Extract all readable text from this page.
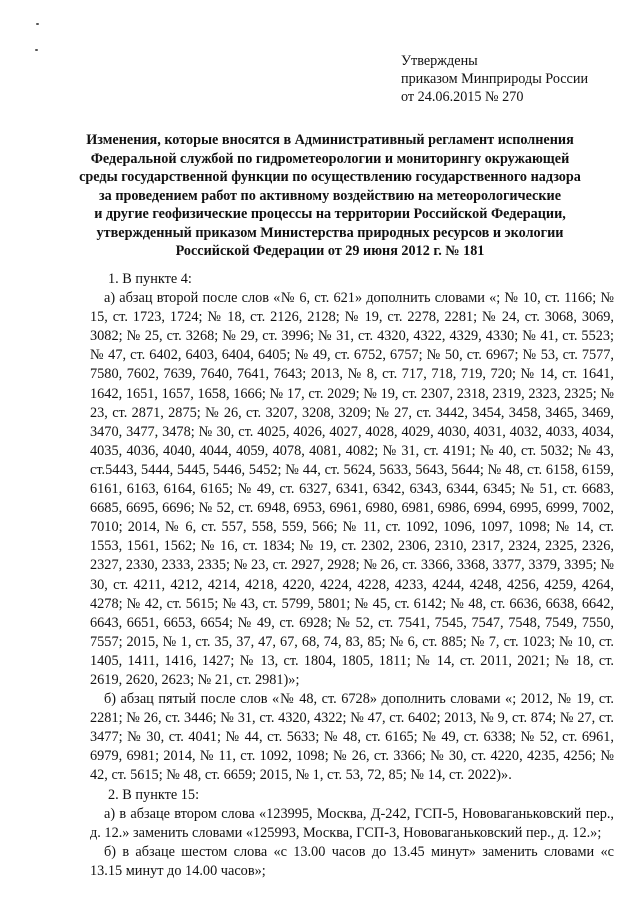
Утверждены
приказом Минприроды России
от 24.06.2015 № 270
Изменения, которые вносятся в Административный регламент исполнения
Федеральной службой по гидрометеорологии и мониторингу окружающей
среды государственной функции по осуществлению государственного надзора
за проведением работ по активному воздействию на метеорологические
и другие геофизические процессы на территории Российской Федерации,
утвержденный приказом Министерства природных ресурсов и экологии
Российской Федерации от 29 июня 2012 г. № 181

1. В пункте 4:

а) абзац второй после слов «№ 6, ст. 621» дополнить словами «; № 10, ст. 1166; № 15, ст. 1723, 1724; № 18, ст. 2126, 2128; № 19, ст. 2278, 2281; № 24, ст. 3068, 3069, 3082; № 25, ст. 3268; № 29, ст. 3996; № 31, ст. 4320, 4322, 4329, 4330; № 41, ст. 5523; № 47, ст. 6402, 6403, 6404, 6405; № 49, ст. 6752, 6757; № 50, ст. 6967; № 53, ст. 7577, 7580, 7602, 7639, 7640, 7641, 7643; 2013, № 8, ст. 717, 718, 719, 720; № 14, ст. 1641, 1642, 1651, 1657, 1658, 1666; № 17, ст. 2029; № 19, ст. 2307, 2318, 2319, 2323, 2325; № 23, ст. 2871, 2875; № 26, ст. 3207, 3208, 3209; № 27, ст. 3442, 3454, 3458, 3465, 3469, 3470, 3477, 3478; № 30, ст. 4025, 4026, 4027, 4028, 4029, 4030, 4031, 4032, 4033, 4034, 4035, 4036, 4040, 4044, 4059, 4078, 4081, 4082; № 31, ст. 4191; № 40, ст. 5032; № 43, ст.5443, 5444, 5445, 5446, 5452; № 44, ст. 5624, 5633, 5643, 5644; № 48, ст. 6158, 6159, 6161, 6163, 6164, 6165; № 49, ст. 6327, 6341, 6342, 6343, 6344, 6345; № 51, ст. 6683, 6685, 6695, 6696; № 52, ст. 6948, 6953, 6961, 6980, 6981, 6986, 6994, 6995, 6999, 7002, 7010; 2014, № 6, ст. 557, 558, 559, 566; № 11, ст. 1092, 1096, 1097, 1098; № 14, ст. 1553, 1561, 1562; № 16, ст. 1834; № 19, ст. 2302, 2306, 2310, 2317, 2324, 2325, 2326, 2327, 2330, 2333, 2335; № 23, ст. 2927, 2928; № 26, ст. 3366, 3368, 3377, 3379, 3395; № 30, ст. 4211, 4212, 4214, 4218, 4220, 4224, 4228, 4233, 4244, 4248, 4256, 4259, 4264, 4278; № 42, ст. 5615; № 43, ст. 5799, 5801; № 45, ст. 6142; № 48, ст. 6636, 6638, 6642, 6643, 6651, 6653, 6654; № 49, ст. 6928; № 52, ст. 7541, 7545, 7547, 7548, 7549, 7550, 7557; 2015, № 1, ст. 35, 37, 47, 67, 68, 74, 83, 85; № 6, ст. 885; № 7, ст. 1023; № 10, ст. 1405, 1411, 1416, 1427; № 13, ст. 1804, 1805, 1811; № 14, ст. 2011, 2021; № 18, ст. 2619, 2620, 2623; № 21, ст. 2981)»;

б) абзац пятый после слов «№ 48, ст. 6728» дополнить словами «; 2012, № 19, ст. 2281; № 26, ст. 3446; № 31, ст. 4320, 4322; № 47, ст. 6402; 2013, № 9, ст. 874; № 27, ст. 3477; № 30, ст. 4041; № 44, ст. 5633; № 48, ст. 6165; № 49, ст. 6338; № 52, ст. 6961, 6979, 6981; 2014, № 11, ст. 1092, 1098; № 26, ст. 3366; № 30, ст. 4220, 4235, 4256; № 42, ст. 5615; № 48, ст. 6659; 2015, № 1, ст. 53, 72, 85; № 14, ст. 2022)».

2. В пункте 15:

а) в абзаце втором слова «123995, Москва, Д-242, ГСП-5, Нововаганьковский пер., д. 12.» заменить словами «125993, Москва, ГСП-3, Нововаганьковский пер., д. 12.»;

б) в абзаце шестом слова «с 13.00 часов до 13.45 минут» заменить словами «с 13.15 минут до 14.00 часов»;
